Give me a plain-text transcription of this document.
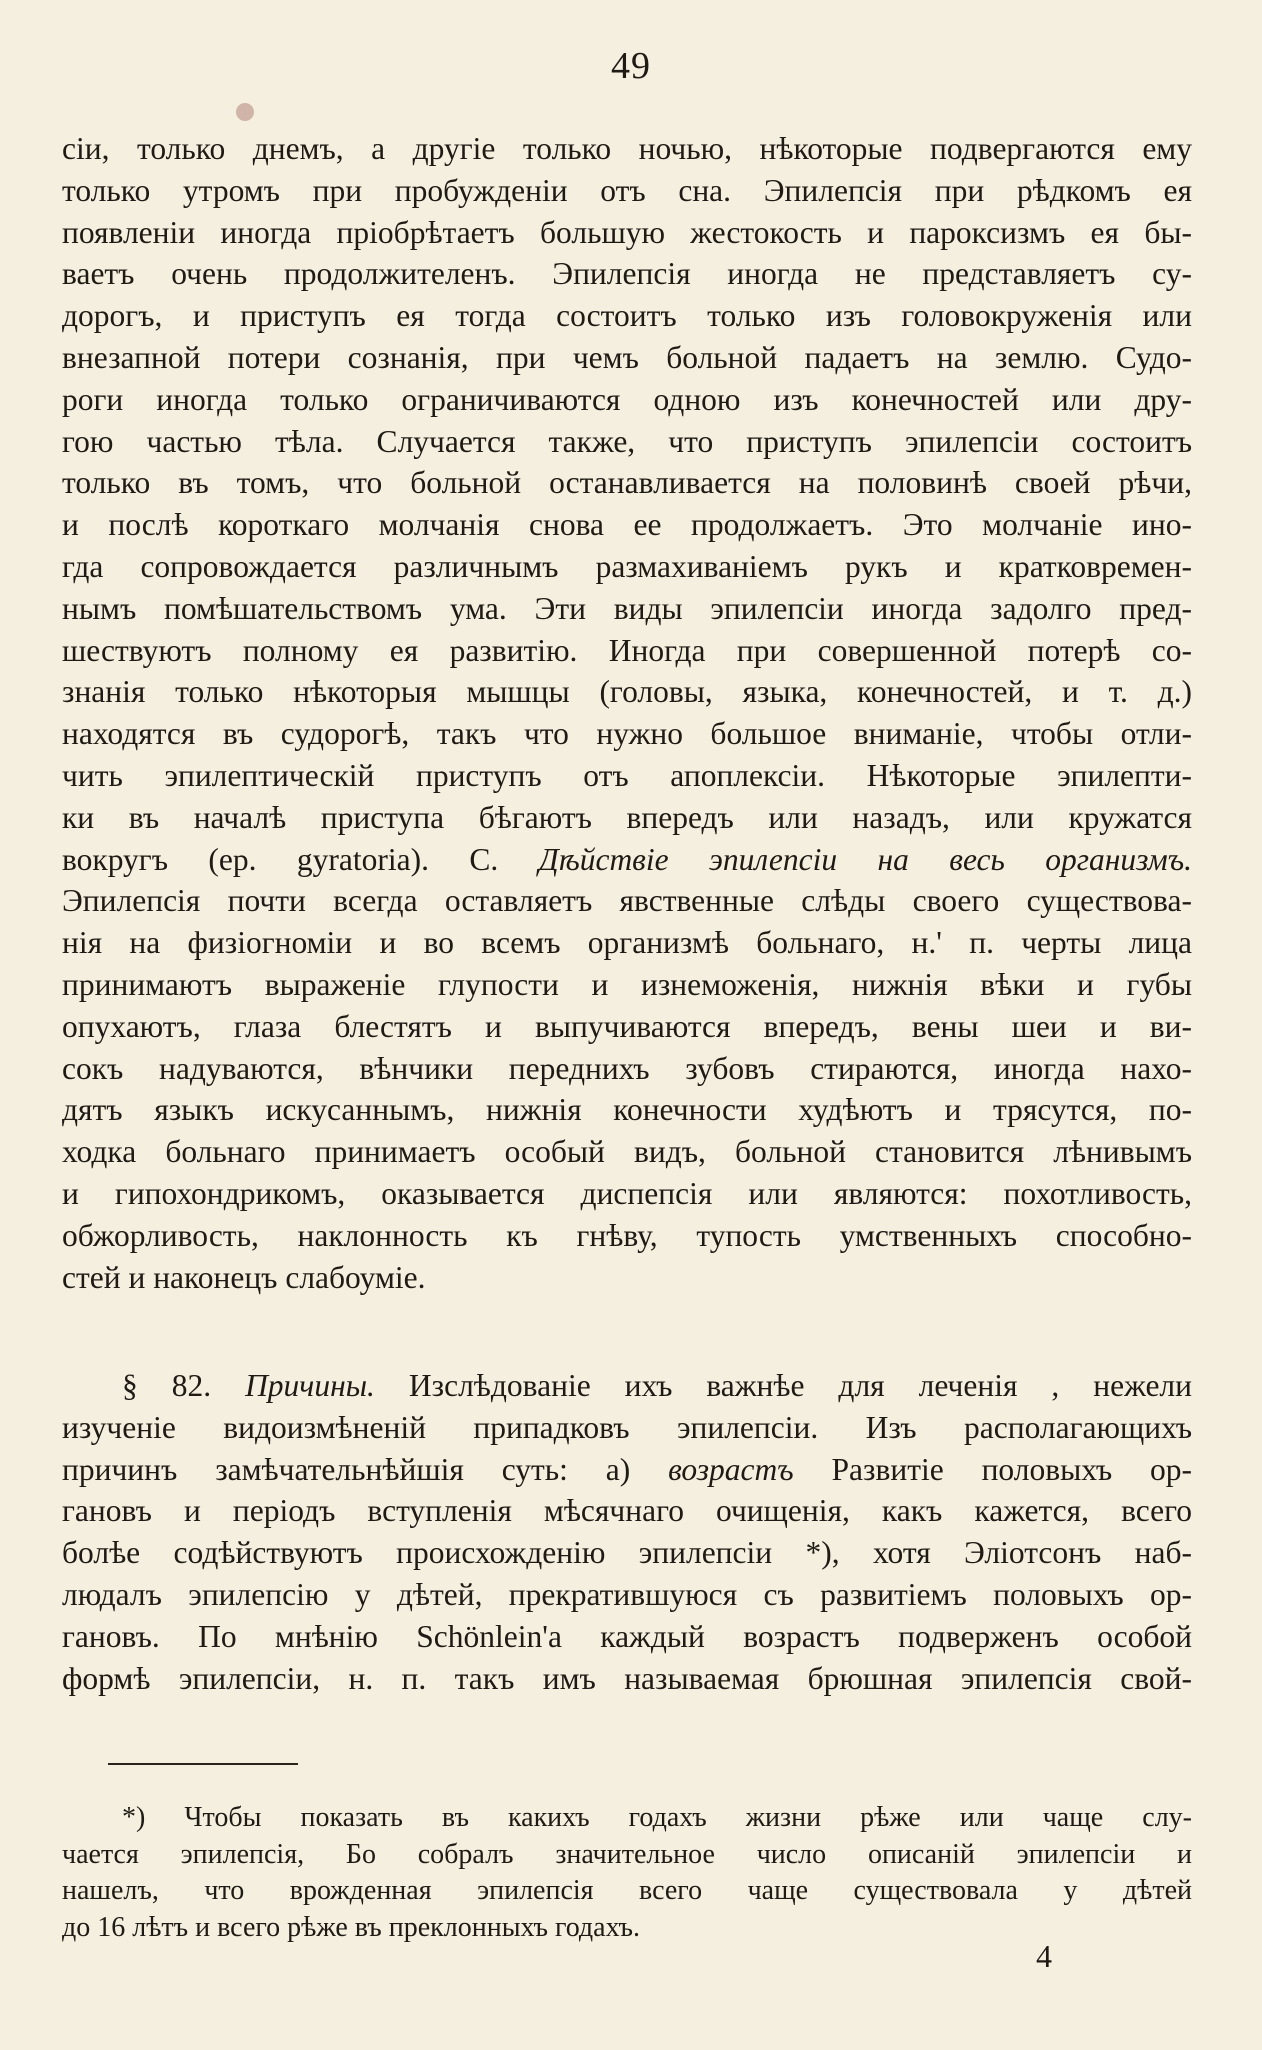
49
сіи, только днемъ, а другіе только ночью, нѣкоторые подвергаются ему
только утромъ при пробужденіи отъ сна. Эпилепсія при рѣдкомъ ея
появленіи иногда пріобрѣтаетъ большую жестокость и пароксизмъ ея бы-
ваетъ очень продолжителенъ. Эпилепсія иногда не представляетъ су-
дорогъ, и приступъ ея тогда состоитъ только изъ головокруженія или
внезапной потери сознанія, при чемъ больной падаетъ на землю. Судо-
роги иногда только ограничиваются одною изъ конечностей или дру-
гою частью тѣла. Случается также, что приступъ эпилепсіи состоитъ
только въ томъ, что больной останавливается на половинѣ своей рѣчи,
и послѣ короткаго молчанія снова ее продолжаетъ. Это молчаніе ино-
гда сопровождается различнымъ размахиваніемъ рукъ и кратковремен-
нымъ помѣшательствомъ ума. Эти виды эпилепсіи иногда задолго пред-
шествуютъ полному ея развитію. Иногда при совершенной потерѣ со-
знанія только нѣкоторыя мышцы (головы, языка, конечностей, и т. д.)
находятся въ судорогѣ, такъ что нужно большое вниманіе, чтобы отли-
чить эпилептическій приступъ отъ апоплексіи. Нѣкоторые эпилепти-
ки въ началѣ приступа бѣгаютъ впередъ или назадъ, или кружатся
вокругъ (ep. gyratoria). C. Дѣйствіе эпилепсіи на весь организмъ.
Эпилепсія почти всегда оставляетъ явственные слѣды своего существова-
нія на физіогноміи и во всемъ организмѣ больнаго, н.' п. черты лица
принимаютъ выраженіе глупости и изнеможенія, нижнія вѣки и губы
опухаютъ, глаза блестятъ и выпучиваются впередъ, вены шеи и ви-
сокъ надуваются, вѣнчики переднихъ зубовъ стираются, иногда нахо-
дятъ языкъ искусаннымъ, нижнія конечности худѣютъ и трясутся, по-
ходка больнаго принимаетъ особый видъ, больной становится лѣнивымъ
и гипохондрикомъ, оказывается диспепсія или являются: похотливость,
обжорливость, наклонность къ гнѣву, тупость умственныхъ способно-
стей и наконецъ слабоуміе.
§ 82. Причины. Изслѣдованіе ихъ важнѣе для леченія , нежели
изученіе видоизмѣненій припадковъ эпилепсіи. Изъ располагающихъ
причинъ замѣчательнѣйшія суть: а) возрастъ Развитіе половыхъ ор-
гановъ и періодъ вступленія мѣсячнаго очищенія, какъ кажется, всего
болѣе содѣйствуютъ происхожденію эпилепсіи *), хотя Эліотсонъ наб-
людалъ эпилепсію у дѣтей, прекратившуюся съ развитіемъ половыхъ ор-
гановъ. По мнѣнію Schönlein'a каждый возрастъ подверженъ особой
формѣ эпилепсіи, н. п. такъ имъ называемая брюшная эпилепсія свой-
*) Чтобы показать въ какихъ годахъ жизни рѣже или чаще слу-
чается эпилепсія, Бо собралъ значительное число описаній эпилепсіи и
нашелъ, что врожденная эпилепсія всего чаще существовала у дѣтей
до 16 лѣтъ и всего рѣже въ преклонныхъ годахъ.
4
